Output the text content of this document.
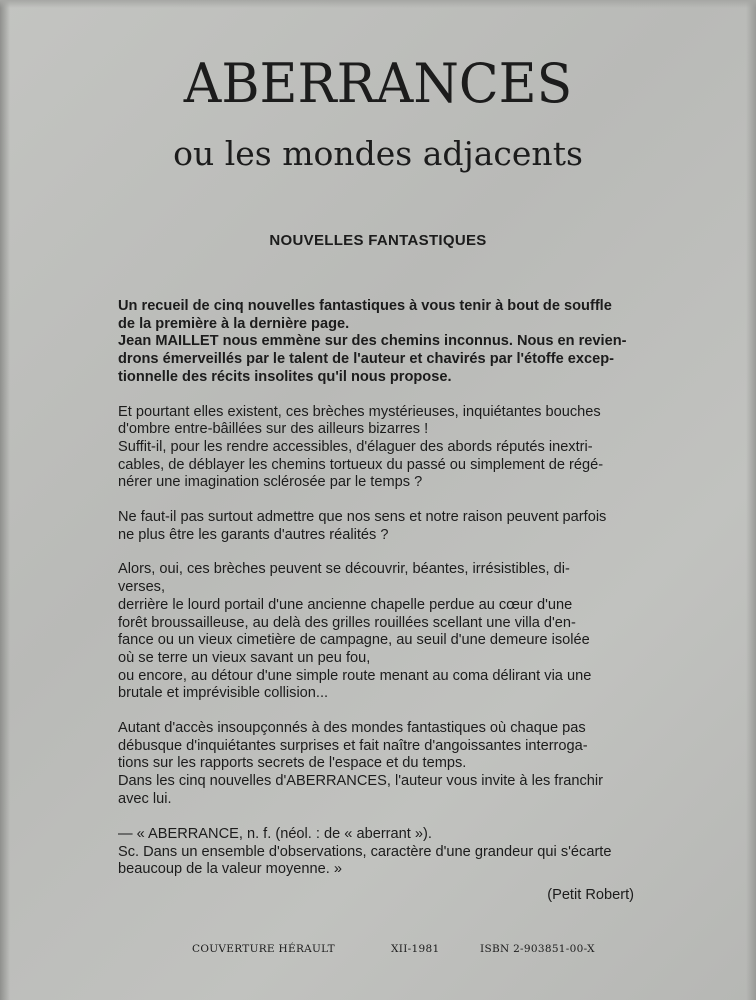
ABERRANCES
ou les mondes adjacents
NOUVELLES FANTASTIQUES

Un recueil de cinq nouvelles fantastiques à vous tenir à bout de souffle
de la première à la dernière page.
Jean MAILLET nous emmène sur des chemins inconnus. Nous en revien-
drons émerveillés par le talent de l'auteur et chavirés par l'étoffe excep-
tionnelle des récits insolites qu'il nous propose.

Et pourtant elles existent, ces brèches mystérieuses, inquiétantes bouches
d'ombre entre-bâillées sur des ailleurs bizarres !
Suffit-il, pour les rendre accessibles, d'élaguer des abords réputés inextri-
cables, de déblayer les chemins tortueux du passé ou simplement de régé-
nérer une imagination sclérosée par le temps ?

Ne faut-il pas surtout admettre que nos sens et notre raison peuvent parfois
ne plus être les garants d'autres réalités ?

Alors, oui, ces brèches peuvent se découvrir, béantes, irrésistibles, di-
verses,
derrière le lourd portail d'une ancienne chapelle perdue au cœur d'une
forêt broussailleuse, au delà des grilles rouillées scellant une villa d'en-
fance ou un vieux cimetière de campagne, au seuil d'une demeure isolée
où se terre un vieux savant un peu fou,
ou encore, au détour d'une simple route menant au coma délirant via une
brutale et imprévisible collision...

Autant d'accès insoupçonnés à des mondes fantastiques où chaque pas
débusque d'inquiétantes surprises et fait naître d'angoissantes interroga-
tions sur les rapports secrets de l'espace et du temps.
Dans les cinq nouvelles d'ABERRANCES, l'auteur vous invite à les franchir
avec lui.

— « ABERRANCE, n. f. (néol. : de « aberrant »).
Sc. Dans un ensemble d'observations, caractère d'une grandeur qui s'écarte
beaucoup de la valeur moyenne. »

(Petit Robert)

COUVERTURE HÉRAULT	XII-1981	ISBN 2-903851-00-X
